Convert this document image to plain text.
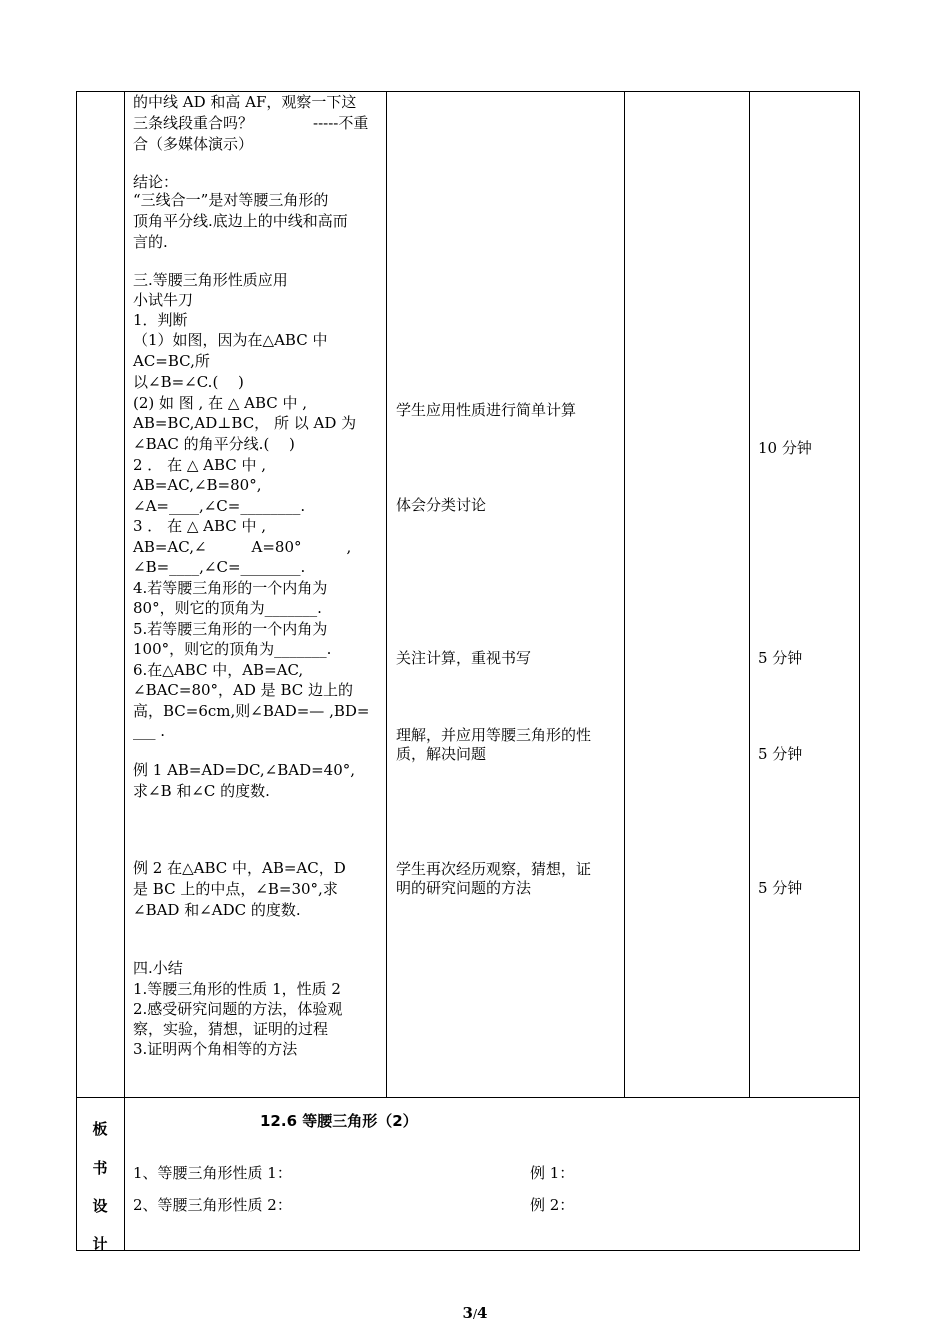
的中线 AD 和高 AF，观察一下这
三条线段重合吗？	-----不重
合（多媒体演示）
结论：
“三线合一”是对等腰三角形的
顶角平分线.底边上的中线和高而
言的.
三.等腰三角形性质应用
小试牛刀
1．判断
（1）如图，因为在△ABC 中
AC=BC,所
以∠B=∠C.(　 )
(2) 如 图 , 在 △ ABC 中 ,
AB=BC,AD⊥BC， 所 以 AD 为
∠BAC 的角平分线.(　 )
2 ． 在 △ ABC 中 ,
AB=AC,∠B=80°,
∠A=____,∠C=________.
3 ． 在 △ ABC 中 ,
AB=AC,∠　　　A=80°　　　,
∠B=____,∠C=________.
4.若等腰三角形的一个内角为
80°，则它的顶角为_______.
5.若等腰三角形的一个内角为
100°，则它的顶角为_______.
6.在△ABC 中，AB=AC,
∠BAC=80°，AD 是 BC 边上的
高，BC=6cm,则∠BAD=— ,BD=
___ .
例 1 AB=AD=DC,∠BAD=40°,
求∠B 和∠C 的度数.
例 2 在△ABC 中，AB=AC，D
是 BC 上的中点，∠B=30°,求
∠BAD 和∠ADC 的度数.
四.小结
1.等腰三角形的性质 1，性质 2
2.感受研究问题的方法，体验观
察，实验，猜想，证明的过程
3.证明两个角相等的方法
学生应用性质进行简单计算
体会分类讨论
关注计算，重视书写
理解，并应用等腰三角形的性
质，解决问题
学生再次经历观察，猜想，证
明的研究问题的方法
10 分钟
5 分钟
5 分钟
5 分钟
板
书
设
计
12.6 等腰三角形（2）
1、等腰三角形性质 1：
2、等腰三角形性质 2：
例 1：
例 2：
3/4
